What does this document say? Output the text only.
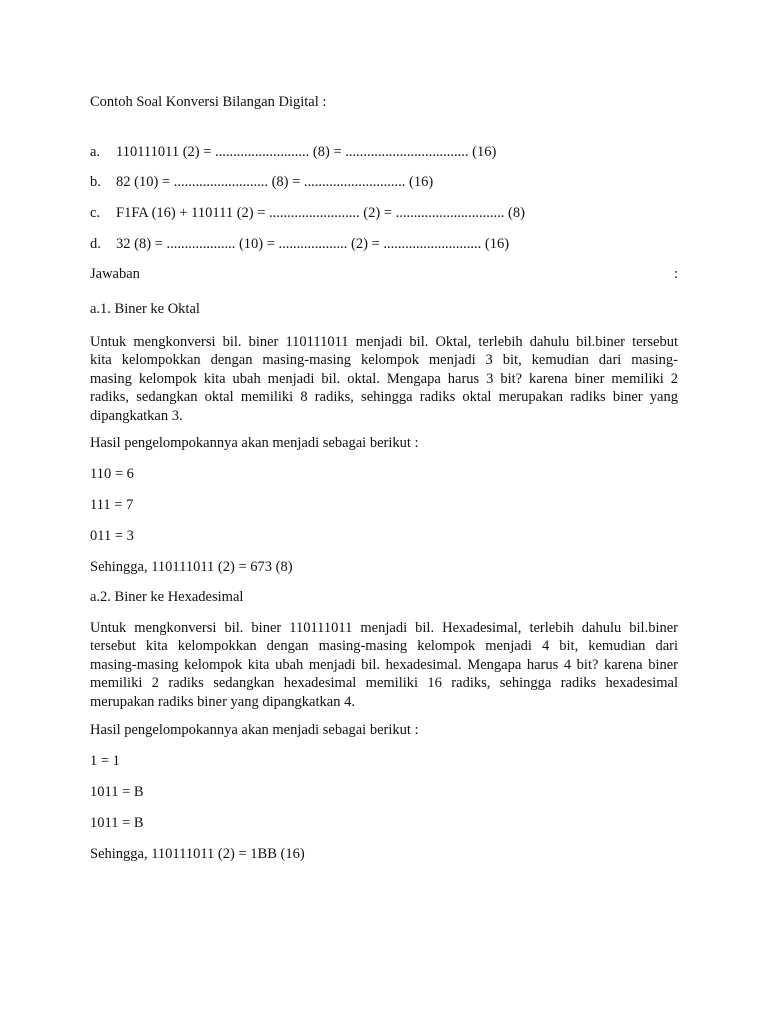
Contoh Soal Konversi Bilangan Digital :
a. 110111011 (2) = .......................... (8) = .................................. (16)
b. 82 (10) = .......................... (8) = ............................ (16)
c. F1FA (16) + 110111 (2) = ......................... (2) = .............................. (8)
d. 32 (8) = ................... (10) = ................... (2) = ........................... (16)
Jawaban	:
a.1. Biner ke Oktal
Untuk mengkonversi bil. biner 110111011 menjadi bil. Oktal, terlebih dahulu bil.biner tersebut
kita kelompokkan dengan masing-masing kelompok menjadi 3 bit, kemudian dari masing-
masing kelompok kita ubah menjadi bil. oktal. Mengapa harus 3 bit? karena biner memiliki 2
radiks, sedangkan oktal memiliki 8 radiks, sehingga radiks oktal merupakan radiks biner yang
dipangkatkan 3.
Hasil pengelompokannya akan menjadi sebagai berikut :
110 = 6
111 = 7
011 = 3
Sehingga, 110111011 (2) = 673 (8)
a.2. Biner ke Hexadesimal
Untuk mengkonversi bil. biner 110111011 menjadi bil. Hexadesimal, terlebih dahulu bil.biner
tersebut kita kelompokkan dengan masing-masing kelompok menjadi 4 bit, kemudian dari
masing-masing kelompok kita ubah menjadi bil. hexadesimal. Mengapa harus 4 bit? karena biner
memiliki 2 radiks sedangkan hexadesimal memiliki 16 radiks, sehingga radiks hexadesimal
merupakan radiks biner yang dipangkatkan 4.
Hasil pengelompokannya akan menjadi sebagai berikut :
1 = 1
1011 = B
1011 = B
Sehingga, 110111011 (2) = 1BB (16)
